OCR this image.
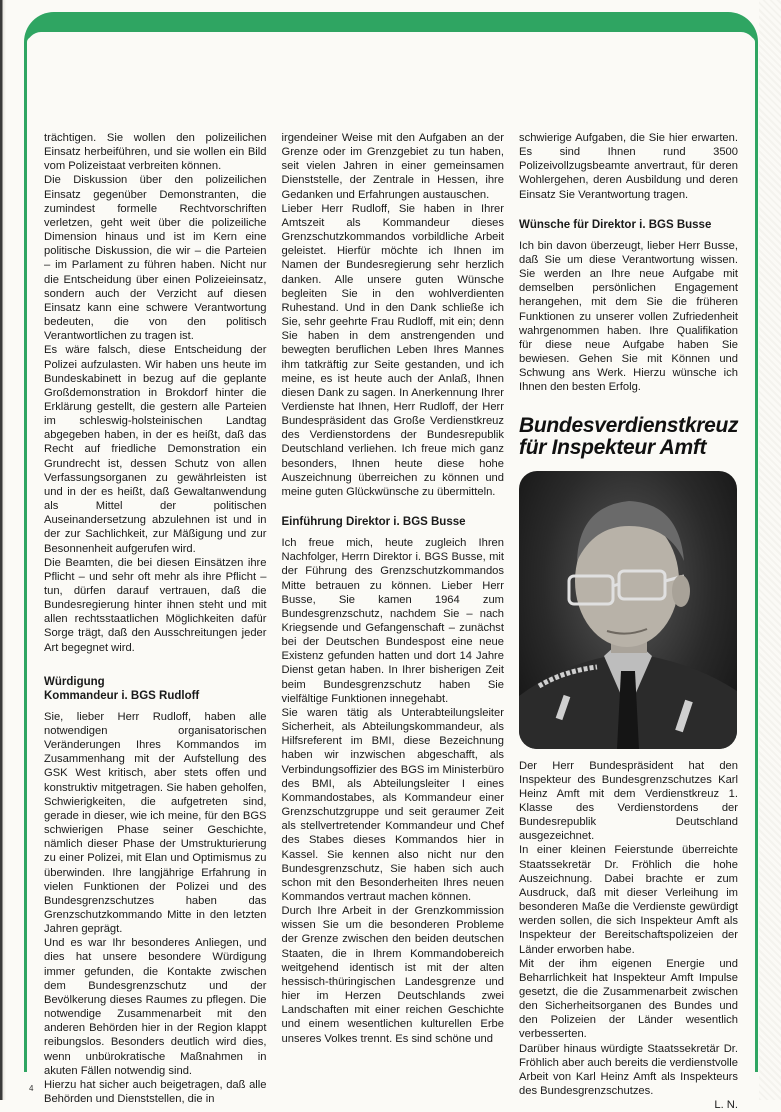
trächtigen. Sie wollen den polizeilichen Einsatz herbeiführen, und sie wollen ein Bild vom Polizeistaat verbreiten können.

Die Diskussion über den polizeilichen Einsatz gegenüber Demonstranten, die zumindest formelle Rechtvorschriften verletzen, geht weit über die polizeiliche Dimension hinaus und ist im Kern eine politische Diskussion, die wir – die Parteien – im Parlament zu führen haben. Nicht nur die Entscheidung über einen Polizeieinsatz, sondern auch der Verzicht auf diesen Einsatz kann eine schwere Verantwortung bedeuten, die von den politisch Verantwortlichen zu tragen ist.

Es wäre falsch, diese Entscheidung der Polizei aufzulasten. Wir haben uns heute im Bundeskabinett in bezug auf die geplante Großdemonstration in Brokdorf hinter die Erklärung gestellt, die gestern alle Parteien im schleswig-holsteinischen Landtag abgegeben haben, in der es heißt, daß das Recht auf friedliche Demonstration ein Grundrecht ist, dessen Schutz von allen Verfassungsorganen zu gewährleisten ist und in der es heißt, daß Gewaltanwendung als Mittel der politischen Auseinandersetzung abzulehnen ist und in der zur Sachlichkeit, zur Mäßigung und zur Besonnenheit aufgerufen wird.

Die Beamten, die bei diesen Einsätzen ihre Pflicht – und sehr oft mehr als ihre Pflicht – tun, dürfen darauf vertrauen, daß die Bundesregierung hinter ihnen steht und mit allen rechtsstaatlichen Möglichkeiten dafür Sorge trägt, daß den Ausschreitungen jeder Art begegnet wird.

Würdigung
Kommandeur i. BGS Rudloff

Sie, lieber Herr Rudloff, haben alle notwendigen organisatorischen Veränderungen Ihres Kommandos im Zusammenhang mit der Aufstellung des GSK West kritisch, aber stets offen und konstruktiv mitgetragen. Sie haben geholfen, Schwierigkeiten, die aufgetreten sind, gerade in dieser, wie ich meine, für den BGS schwierigen Phase seiner Geschichte, nämlich dieser Phase der Umstrukturierung zu einer Polizei, mit Elan und Optimismus zu überwinden. Ihre langjährige Erfahrung in vielen Funktionen der Polizei und des Bundesgrenzschutzes haben das Grenzschutzkommando Mitte in den letzten Jahren geprägt.

Und es war Ihr besonderes Anliegen, und dies hat unsere besondere Würdigung immer gefunden, die Kontakte zwischen dem Bundesgrenzschutz und der Bevölkerung dieses Raumes zu pflegen. Die notwendige Zusammenarbeit mit den anderen Behörden hier in der Region klappt reibungslos. Besonders deutlich wird dies, wenn unbürokratische Maßnahmen in akuten Fällen notwendig sind.

Hierzu hat sicher auch beigetragen, daß alle Behörden und Dienststellen, die in

irgendeiner Weise mit den Aufgaben an der Grenze oder im Grenzgebiet zu tun haben, seit vielen Jahren in einer gemeinsamen Dienststelle, der Zentrale in Hessen, ihre Gedanken und Erfahrungen austauschen.

Lieber Herr Rudloff, Sie haben in Ihrer Amtszeit als Kommandeur dieses Grenzschutzkommandos vorbildliche Arbeit geleistet. Hierfür möchte ich Ihnen im Namen der Bundesregierung sehr herzlich danken. Alle unsere guten Wünsche begleiten Sie in den wohlverdienten Ruhestand. Und in den Dank schließe ich Sie, sehr geehrte Frau Rudloff, mit ein; denn Sie haben in dem anstrengenden und bewegten beruflichen Leben Ihres Mannes ihm tatkräftig zur Seite gestanden, und ich meine, es ist heute auch der Anlaß, Ihnen diesen Dank zu sagen. In Anerkennung Ihrer Verdienste hat Ihnen, Herr Rudloff, der Herr Bundespräsident das Große Verdienstkreuz des Verdienstordens der Bundesrepublik Deutschland verliehen. Ich freue mich ganz besonders, Ihnen heute diese hohe Auszeichnung überreichen zu können und meine guten Glückwünsche zu übermitteln.

Einführung Direktor i. BGS Busse

Ich freue mich, heute zugleich Ihren Nachfolger, Herrn Direktor i. BGS Busse, mit der Führung des Grenzschutzkommandos Mitte betrauen zu können. Lieber Herr Busse, Sie kamen 1964 zum Bundesgrenzschutz, nachdem Sie – nach Kriegsende und Gefangenschaft – zunächst bei der Deutschen Bundespost eine neue Existenz gefunden hatten und dort 14 Jahre Dienst getan haben. In Ihrer bisherigen Zeit beim Bundesgrenzschutz haben Sie vielfältige Funktionen innegehabt.

Sie waren tätig als Unterabteilungsleiter Sicherheit, als Abteilungskommandeur, als Hilfsreferent im BMI, diese Bezeichnung haben wir inzwischen abgeschafft, als Verbindungsoffizier des BGS im Ministerbüro des BMI, als Abteilungsleiter I eines Kommandostabes, als Kommandeur einer Grenzschutzgruppe und seit geraumer Zeit als stellvertretender Kommandeur und Chef des Stabes dieses Kommandos hier in Kassel. Sie kennen also nicht nur den Bundesgrenzschutz, Sie haben sich auch schon mit den Besonderheiten Ihres neuen Kommandos vertraut machen können.

Durch Ihre Arbeit in der Grenzkommission wissen Sie um die besonderen Probleme der Grenze zwischen den beiden deutschen Staaten, die in Ihrem Kommandobereich weitgehend identisch ist mit der alten hessisch-thüringischen Landesgrenze und hier im Herzen Deutschlands zwei Landschaften mit einer reichen Geschichte und einem wesentlichen kulturellen Erbe unseres Volkes trennt. Es sind schöne und

schwierige Aufgaben, die Sie hier erwarten. Es sind Ihnen rund 3500 Polizeivollzugsbeamte anvertraut, für deren Wohlergehen, deren Ausbildung und deren Einsatz Sie Verantwortung tragen.

Wünsche für Direktor i. BGS Busse

Ich bin davon überzeugt, lieber Herr Busse, daß Sie um diese Verantwortung wissen. Sie werden an Ihre neue Aufgabe mit demselben persönlichen Engagement herangehen, mit dem Sie die früheren Funktionen zu unserer vollen Zufriedenheit wahrgenommen haben. Ihre Qualifikation für diese neue Aufgabe haben Sie bewiesen. Gehen Sie mit Können und Schwung ans Werk. Hierzu wünsche ich Ihnen den besten Erfolg.

Bundesverdienstkreuz
für Inspekteur Amft

Der Herr Bundespräsident hat den Inspekteur des Bundesgrenzschutzes Karl Heinz Amft mit dem Verdienstkreuz 1. Klasse des Verdienstordens der Bundesrepublik Deutschland ausgezeichnet.

In einer kleinen Feierstunde überreichte Staatssekretär Dr. Fröhlich die hohe Auszeichnung. Dabei brachte er zum Ausdruck, daß mit dieser Verleihung im besonderen Maße die Verdienste gewürdigt werden sollen, die sich Inspekteur Amft als Inspekteur der Bereitschaftspolizeien der Länder erworben habe.

Mit der ihm eigenen Energie und Beharrlichkeit hat Inspekteur Amft Impulse gesetzt, die die Zusammenarbeit zwischen den Sicherheitsorganen des Bundes und den Polizeien der Länder wesentlich verbesserten.

Darüber hinaus würdigte Staatssekretär Dr. Fröhlich aber auch bereits die verdienstvolle Arbeit von Karl Heinz Amft als Inspekteurs des Bundesgrenzschutzes.

L. N.

4
